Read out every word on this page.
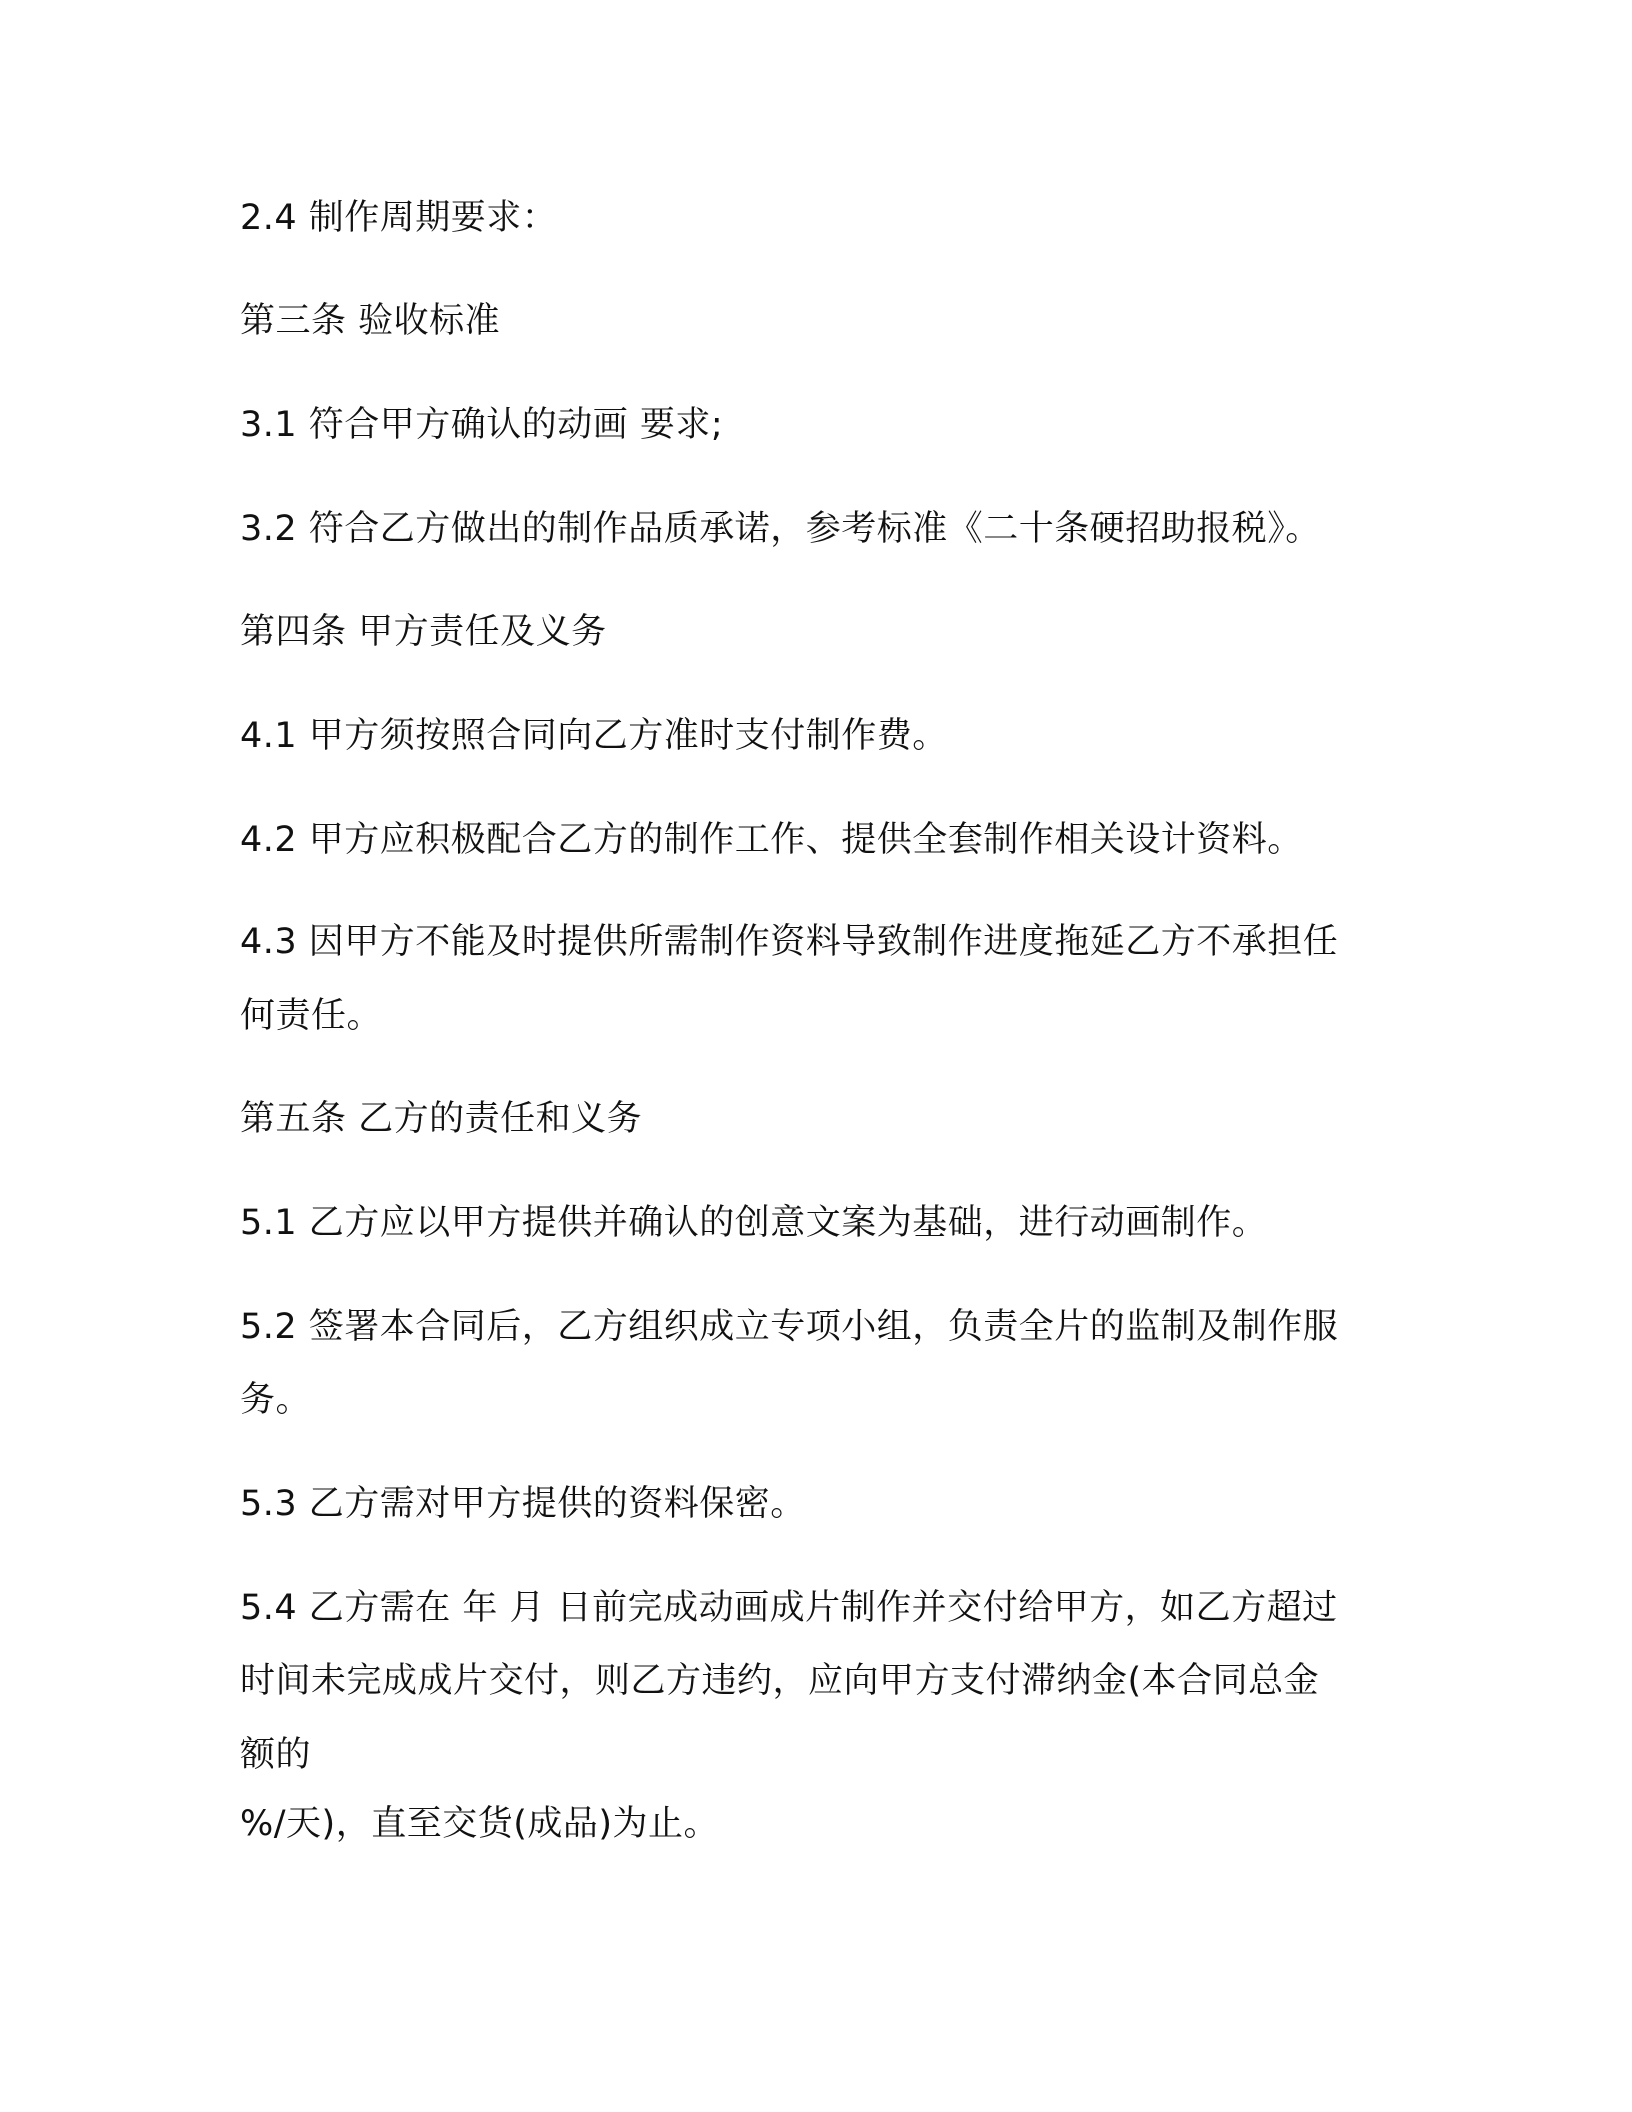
2.4 制作周期要求：
第三条 验收标准
3.1 符合甲方确认的动画 要求;
3.2 符合乙方做出的制作品质承诺，参考标准《二十条硬招助报税》。
第四条 甲方责任及义务
4.1 甲方须按照合同向乙方准时支付制作费。
4.2 甲方应积极配合乙方的制作工作、提供全套制作相关设计资料。
4.3 因甲方不能及时提供所需制作资料导致制作进度拖延乙方不承担任
何责任。
第五条 乙方的责任和义务
5.1 乙方应以甲方提供并确认的创意文案为基础，进行动画制作。
5.2 签署本合同后，乙方组织成立专项小组，负责全片的监制及制作服
务。
5.3 乙方需对甲方提供的资料保密。
5.4 乙方需在 年 月 日前完成动画成片制作并交付给甲方，如乙方超过
时间未完成成片交付，则乙方违约，应向甲方支付滞纳金(本合同总金
额的
%/天)，直至交货(成品)为止。
